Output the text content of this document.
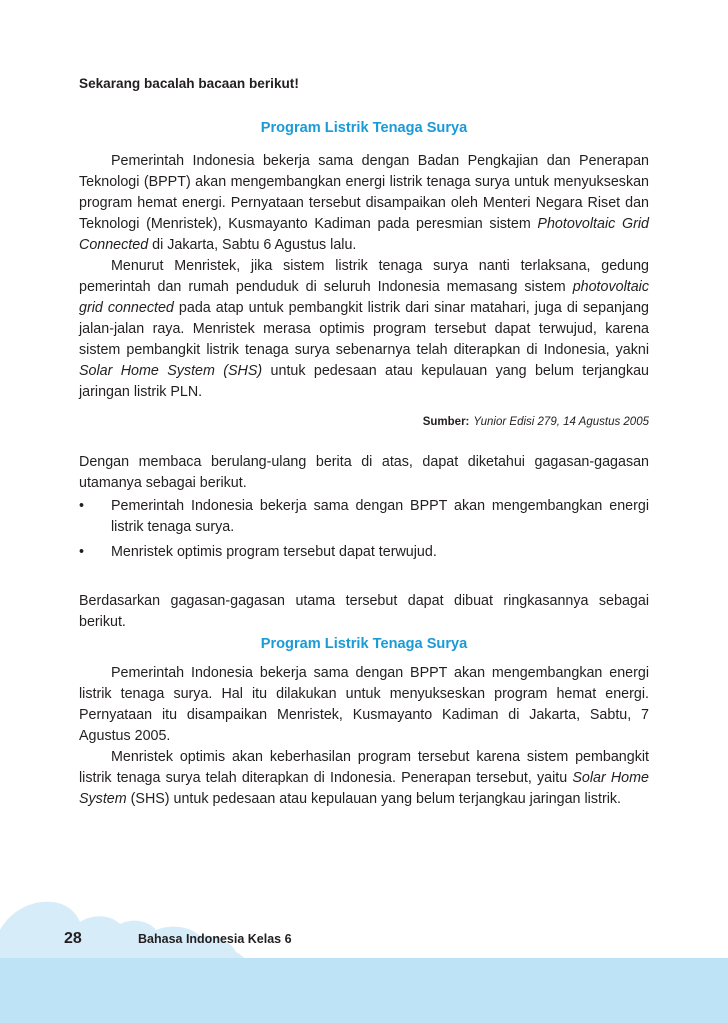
Sekarang bacalah bacaan berikut!
Program Listrik Tenaga Surya

Pemerintah Indonesia bekerja sama dengan Badan Pengkajian dan Penerapan Teknologi (BPPT) akan mengembangkan energi listrik tenaga surya untuk menyukseskan program hemat energi. Pernyataan tersebut disampaikan oleh Menteri Negara Riset dan Teknologi (Menristek), Kusmayanto Kadiman pada peresmian sistem Photovoltaic Grid Connected di Jakarta, Sabtu 6 Agustus lalu.

Menurut Menristek, jika sistem listrik tenaga surya nanti terlaksana, gedung pemerintah dan rumah penduduk di seluruh Indonesia memasang sistem photovoltaic grid connected pada atap untuk pembangkit listrik dari sinar matahari, juga di sepanjang jalan-jalan raya. Menristek merasa optimis program tersebut dapat terwujud, karena sistem pembangkit listrik tenaga surya sebenarnya telah diterapkan di Indonesia, yakni Solar Home System (SHS) untuk pedesaan atau kepulauan yang belum terjangkau jaringan listrik PLN.

Sumber: Yunior Edisi 279, 14 Agustus 2005

Dengan membaca berulang-ulang berita di atas, dapat diketahui gagasan-gagasan utamanya sebagai berikut.

• Pemerintah Indonesia bekerja sama dengan BPPT akan mengembangkan energi listrik tenaga surya.
• Menristek optimis program tersebut dapat terwujud.
Berdasarkan gagasan-gagasan utama tersebut dapat dibuat ringkasannya sebagai berikut.
Program Listrik Tenaga Surya

Pemerintah Indonesia bekerja sama dengan BPPT akan mengembangkan energi listrik tenaga surya. Hal itu dilakukan untuk menyukseskan program hemat energi. Pernyataan itu disampaikan Menristek, Kusmayanto Kadiman di Jakarta, Sabtu, 7 Agustus 2005.

Menristek optimis akan keberhasilan program tersebut karena sistem pembangkit listrik tenaga surya telah diterapkan di Indonesia. Penerapan tersebut, yaitu Solar Home System (SHS) untuk pedesaan atau kepulauan yang belum terjangkau jaringan listrik.

28	Bahasa Indonesia Kelas 6
